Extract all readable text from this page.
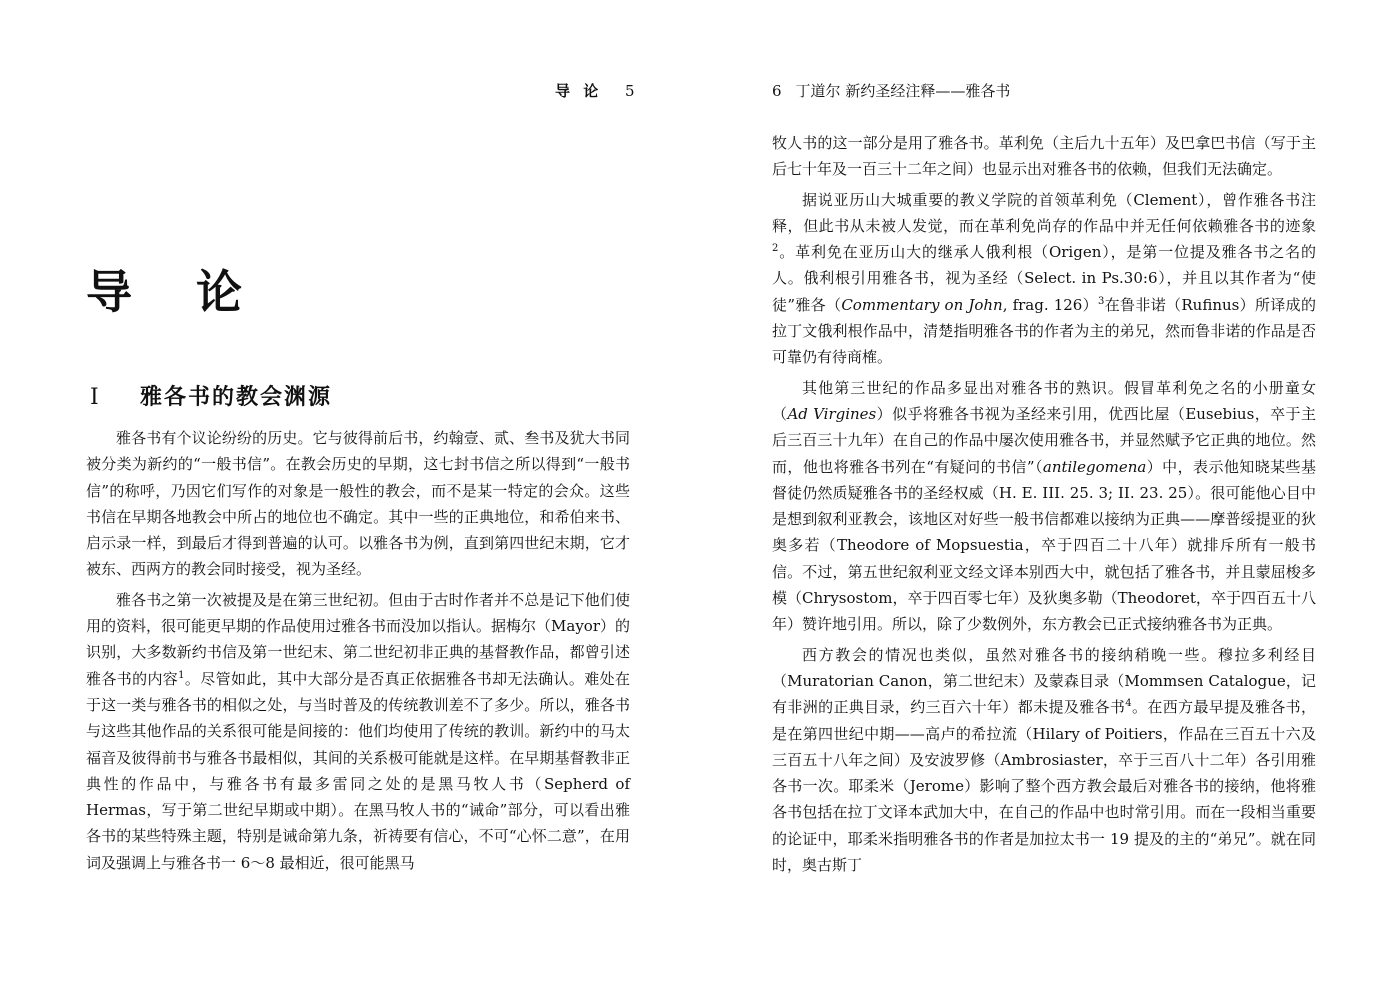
导 论 5
导 论
I 雅各书的教会渊源

雅各书有个议论纷纷的历史。它与彼得前后书，约翰壹、贰、叁书及犹大书同被分类为新约的“一般书信”。在教会历史的早期，这七封书信之所以得到“一般书信”的称呼，乃因它们写作的对象是一般性的教会，而不是某一特定的会众。这些书信在早期各地教会中所占的地位也不确定。其中一些的正典地位，和希伯来书、启示录一样，到最后才得到普遍的认可。以雅各书为例，直到第四世纪末期，它才被东、西两方的教会同时接受，视为圣经。

雅各书之第一次被提及是在第三世纪初。但由于古时作者并不总是记下他们使用的资料，很可能更早期的作品使用过雅各书而没加以指认。据梅尔（Mayor）的识别，大多数新约书信及第一世纪末、第二世纪初非正典的基督教作品，都曾引述雅各书的内容$^1$。尽管如此，其中大部分是否真正依据雅各书却无法确认。难处在于这一类与雅各书的相似之处，与当时普及的传统教训差不了多少。所以，雅各书与这些其他作品的关系很可能是间接的：他们均使用了传统的教训。新约中的马太福音及彼得前书与雅各书最相似，其间的关系极可能就是这样。在早期基督教非正典性的作品中，与雅各书有最多雷同之处的是黑马牧人书（Sepherd of Hermas，写于第二世纪早期或中期）。在黑马牧人书的“诫命”部分，可以看出雅各书的某些特殊主题，特别是诫命第九条，祈祷要有信心，不可“心怀二意”，在用词及强调上与雅各书一 6～8 最相近，很可能黑马

6 丁道尔 新约圣经注释——雅各书

牧人书的这一部分是用了雅各书。革利免（主后九十五年）及巴拿巴书信（写于主后七十年及一百三十二年之间）也显示出对雅各书的依赖，但我们无法确定。

据说亚历山大城重要的教义学院的首领革利免（Clement），曾作雅各书注释，但此书从未被人发觉，而在革利免尚存的作品中并无任何依赖雅各书的迹象$^2$。革利免在亚历山大的继承人俄利根（Origen），是第一位提及雅各书之名的人。俄利根引用雅各书，视为圣经（Select. in Ps.30:6），并且以其作者为“使徒”雅各（Commentary on John, frag. 126）$^3$在鲁非诺（Rufinus）所译成的拉丁文俄利根作品中，清楚指明雅各书的作者为主的弟兄，然而鲁非诺的作品是否可靠仍有待商榷。

其他第三世纪的作品多显出对雅各书的熟识。假冒革利免之名的小册童女（Ad Virgines）似乎将雅各书视为圣经来引用，优西比屋（Eusebius，卒于主后三百三十九年）在自己的作品中屡次使用雅各书，并显然赋予它正典的地位。然而，他也将雅各书列在“有疑问的书信”（antilegomena）中，表示他知晓某些基督徒仍然质疑雅各书的圣经权威（H. E. III. 25. 3; II. 23. 25）。很可能他心目中是想到叙利亚教会，该地区对好些一般书信都难以接纳为正典——摩普绥提亚的狄奥多若（Theodore of Mopsuestia，卒于四百二十八年）就排斥所有一般书信。不过，第五世纪叙利亚文经文译本别西大中，就包括了雅各书，并且蒙屈梭多模（Chrysostom，卒于四百零七年）及狄奥多勒（Theodoret，卒于四百五十八年）赞许地引用。所以，除了少数例外，东方教会已正式接纳雅各书为正典。

西方教会的情况也类似，虽然对雅各书的接纳稍晚一些。穆拉多利经目（Muratorian Canon，第二世纪末）及蒙森目录（Mommsen Catalogue，记有非洲的正典目录，约三百六十年）都未提及雅各书$^4$。在西方最早提及雅各书，是在第四世纪中期——高卢的希拉流（Hilary of Poitiers，作品在三百五十六及三百五十八年之间）及安波罗修（Ambrosiaster，卒于三百八十二年）各引用雅各书一次。耶柔米（Jerome）影响了整个西方教会最后对雅各书的接纳，他将雅各书包括在拉丁文译本武加大中，在自己的作品中也时常引用。而在一段相当重要的论证中，耶柔米指明雅各书的作者是加拉太书一 19 提及的主的“弟兄”。就在同时，奥古斯丁
